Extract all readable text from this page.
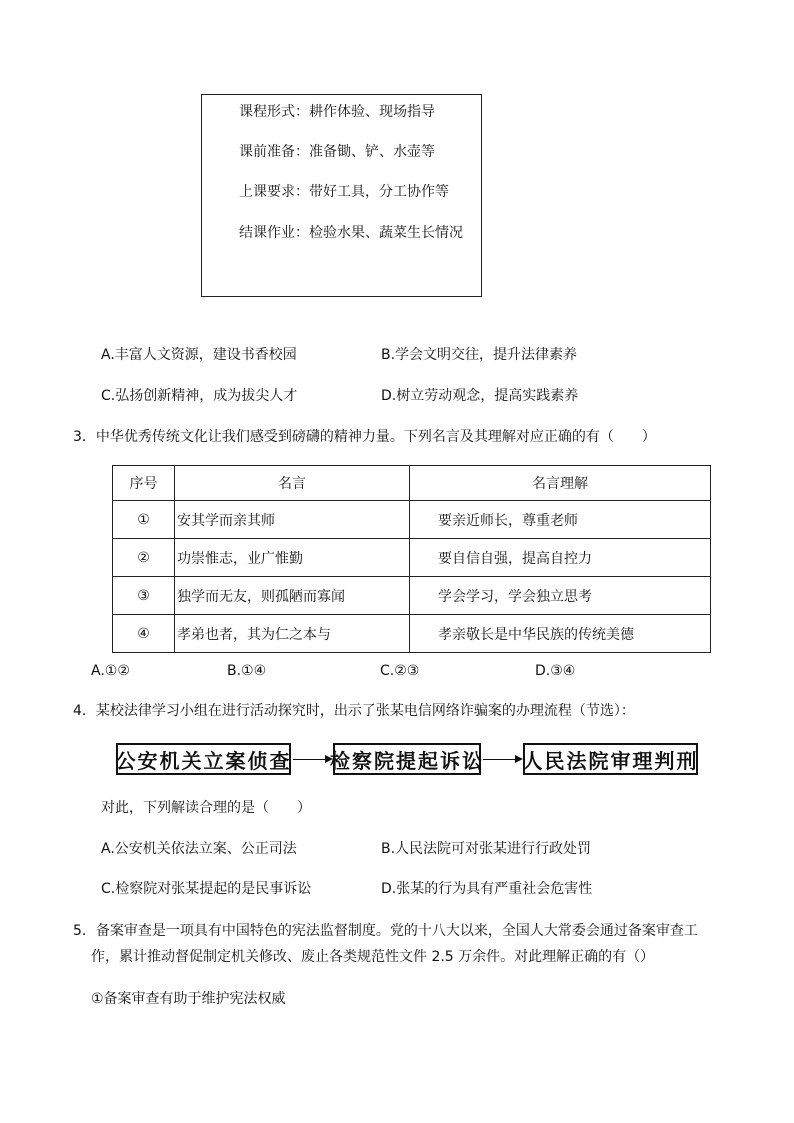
课程形式：耕作体验、现场指导
课前准备：准备锄、铲、水壶等
上课要求：带好工具，分工协作等
结课作业：检验水果、蔬菜生长情况
A.丰富人文资源，建设书香校园	B.学会文明交往，提升法律素养
C.弘扬创新精神，成为拔尖人才	D.树立劳动观念，提高实践素养
3．中华优秀传统文化让我们感受到磅礴的精神力量。下列名言及其理解对应正确的有（　　）
序号	名言	名言理解
①	安其学而亲其师	要亲近师长，尊重老师
②	功崇惟志，业广惟勤	要自信自强，提高自控力
③	独学而无友，则孤陋而寡闻	学会学习，学会独立思考
④	孝弟也者，其为仁之本与	孝亲敬长是中华民族的传统美德
A.①②	B.①④	C.②③	D.③④
4．某校法律学习小组在进行活动探究时，出示了张某电信网络诈骗案的办理流程（节选）：
公安机关立案侦查 检察院提起诉讼 人民法院审理判刑
对此，下列解读合理的是（　　）
A.公安机关依法立案、公正司法	B.人民法院可对张某进行行政处罚
C.检察院对张某提起的是民事诉讼	D.张某的行为具有严重社会危害性
5．备案审查是一项具有中国特色的宪法监督制度。党的十八大以来，全国人大常委会通过备案审查工
作，累计推动督促制定机关修改、废止各类规范性文件 2.5 万余件。对此理解正确的有（）
①备案审查有助于维护宪法权威
